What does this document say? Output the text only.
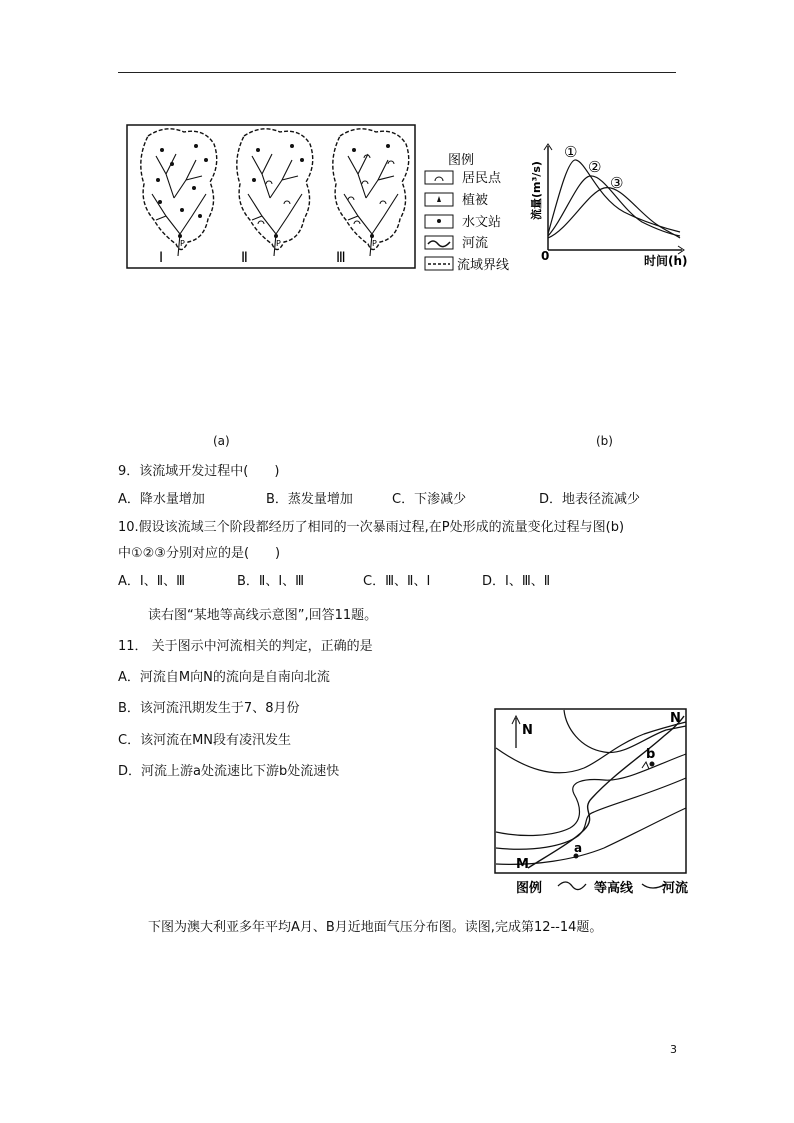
Ⅰ	Ⅱ	Ⅲ
P	P	P
图例
居民点
植被
水文站
河流
流域界线
①
②
③
0	时间(h)
流量(m³/s)
(a)	(b)
9．该流域开发过程中(　　)
A．降水量增加	B．蒸发量增加	C．下渗减少	D．地表径流减少
10.假设该流域三个阶段都经历了相同的一次暴雨过程,在P处形成的流量变化过程与图(b)
中①②③分别对应的是(　　)
A．Ⅰ、Ⅱ、Ⅲ	B．Ⅱ、Ⅰ、Ⅲ	C．Ⅲ、Ⅱ、Ⅰ	D．Ⅰ、Ⅲ、Ⅱ
读右图“某地等高线示意图”,回答11题。
11． 关于图示中河流相关的判定，正确的是
A．河流自M向N的流向是自南向北流
B．该河流汛期发生于7、8月份
C．该河流在MN段有凌汛发生
D．河流上游a处流速比下游b处流速快
N
N
b
M
a
图例	等高线 河流
下图为澳大利亚多年平均A月、B月近地面气压分布图。读图,完成第12--14题。
3
